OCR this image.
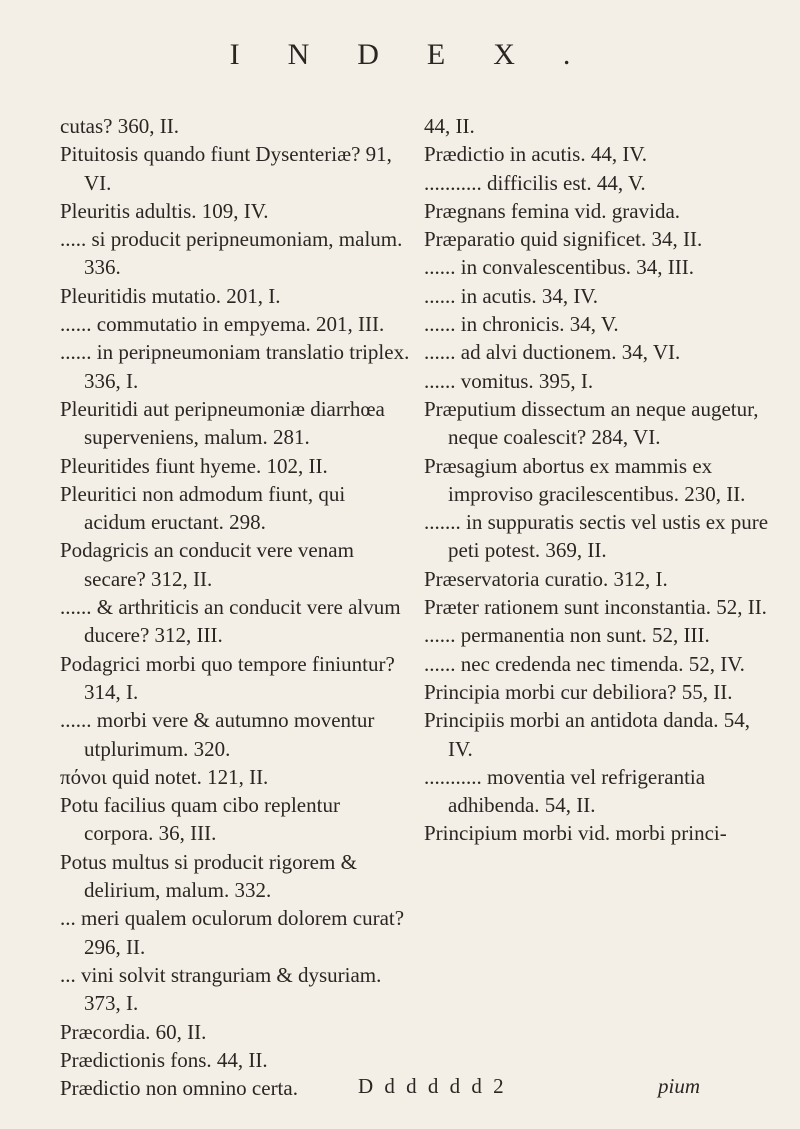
INDEX.
cutas? 360, II.
Pituitosis quando fiunt Dysenteriæ? 91, VI.
Pleuritis adultis. 109, IV.
..... si producit peripneumoniam, malum. 336.
Pleuritidis mutatio. 201, I.
...... commutatio in empyema. 201, III.
...... in peripneumoniam translatio triplex. 336, I.
Pleuritidi aut peripneumoniæ diarrhœa superveniens, malum. 281.
Pleuritides fiunt hyeme. 102, II.
Pleuritici non admodum fiunt, qui acidum eructant. 298.
Podagricis an conducit vere venam secare? 312, II.
...... & arthriticis an conducit vere alvum ducere? 312, III.
Podagrici morbi quo tempore finiuntur? 314, I.
...... morbi vere & autumno moventur utplurimum. 320.
πόνοι quid notet. 121, II.
Potu facilius quam cibo replentur corpora. 36, III.
Potus multus si producit rigorem & delirium, malum. 332.
... meri qualem oculorum dolorem curat? 296, II.
... vini solvit stranguriam & dysuriam. 373, I.
Præcordia. 60, II.
Prædictionis fons. 44, II.
Prædictio non omnino certa.
44, II.
Prædictio in acutis. 44, IV.
........... difficilis est. 44, V.
Prægnans femina vid. gravida.
Præparatio quid significet. 34, II.
...... in convalescentibus. 34, III.
...... in acutis. 34, IV.
...... in chronicis. 34, V.
...... ad alvi ductionem. 34, VI.
...... vomitus. 395, I.
Præputium dissectum an neque augetur, neque coalescit? 284, VI.
Præsagium abortus ex mammis ex improviso gracilescentibus. 230, II.
....... in suppuratis sectis vel ustis ex pure peti potest. 369, II.
Præservatoria curatio. 312, I.
Præter rationem sunt inconstantia. 52, II.
...... permanentia non sunt. 52, III.
...... nec credenda nec timenda. 52, IV.
Principia morbi cur debiliora? 55, II.
Principiis morbi an antidota danda. 54, IV.
........... moventia vel refrigerantia adhibenda. 54, II.
Principium morbi vid. morbi princi-
D d d d d d 2	pium
